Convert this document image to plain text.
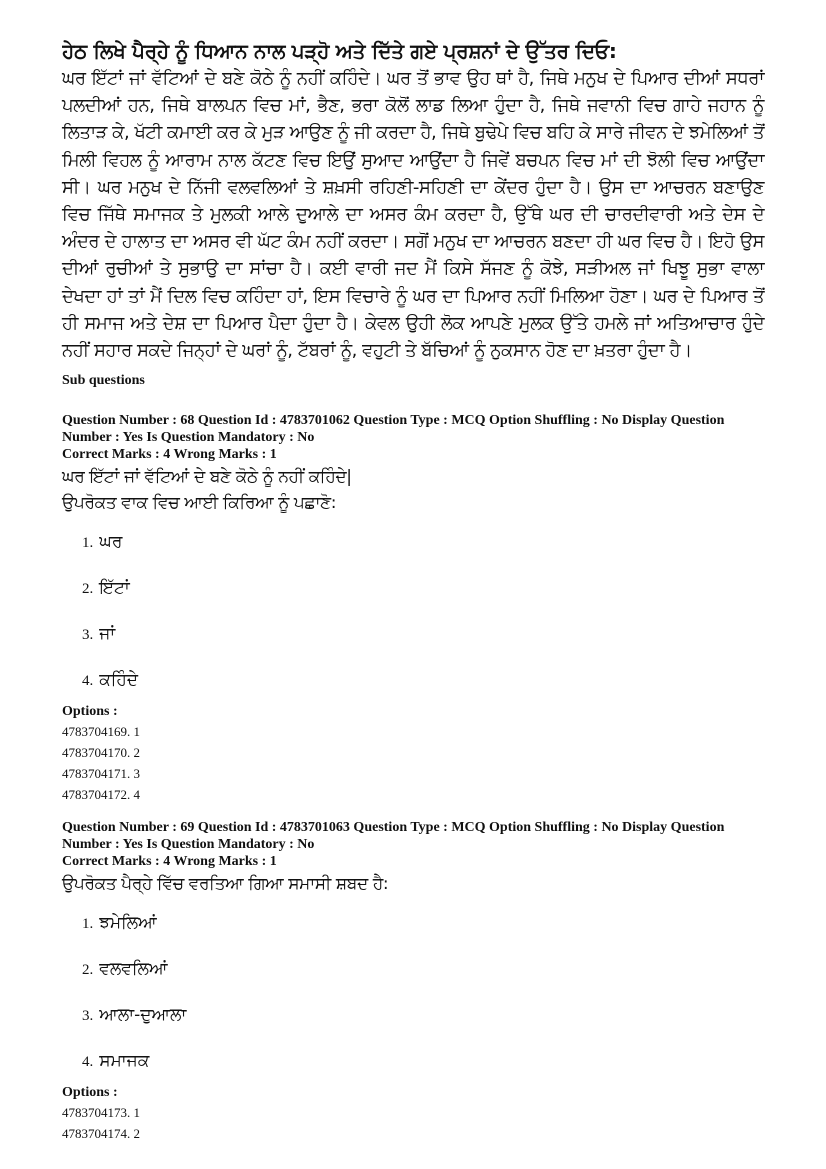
ਹੇਠ ਲਿਖੇ ਪੈਰ੍ਹੇ ਨੂੰ ਧਿਆਨ ਨਾਲ ਪੜ੍ਹੋ ਅਤੇ ਦਿੱਤੇ ਗਏ ਪ੍ਰਸ਼ਨਾਂ ਦੇ ਉੱਤਰ ਦਿਓ:

ਘਰ ਇੱਟਾਂ ਜਾਂ ਵੱਟਿਆਂ ਦੇ ਬਣੇ ਕੋਠੇ ਨੂੰ ਨਹੀਂ ਕਹਿੰਦੇ। ਘਰ ਤੋਂ ਭਾਵ ਉਹ ਥਾਂ ਹੈ, ਜਿਥੇ ਮਨੁਖ ਦੇ ਪਿਆਰ ਦੀਆਂ ਸਧਰਾਂ ਪਲਦੀਆਂ ਹਨ, ਜਿਥੇ ਬਾਲਪਨ ਵਿਚ ਮਾਂ, ਭੈਣ, ਭਰਾ ਕੋਲੋਂ ਲਾਡ ਲਿਆ ਹੁੰਦਾ ਹੈ, ਜਿਥੇ ਜਵਾਨੀ ਵਿਚ ਗਾਹੇ ਜਹਾਨ ਨੂੰ ਲਿਤਾੜ ਕੇ, ਖੱਟੀ ਕਮਾਈ ਕਰ ਕੇ ਮੁੜ ਆਉਣ ਨੂੰ ਜੀ ਕਰਦਾ ਹੈ, ਜਿਥੇ ਬੁਢੇਪੇ ਵਿਚ ਬਹਿ ਕੇ ਸਾਰੇ ਜੀਵਨ ਦੇ ਝਮੇਲਿਆਂ ਤੋਂ ਮਿਲੀ ਵਿਹਲ ਨੂੰ ਆਰਾਮ ਨਾਲ ਕੱਟਣ ਵਿਚ ਇਉਂ ਸੁਆਦ ਆਉਂਦਾ ਹੈ ਜਿਵੇਂ ਬਚਪਨ ਵਿਚ ਮਾਂ ਦੀ ਝੋਲੀ ਵਿਚ ਆਉਂਦਾ ਸੀ। ਘਰ ਮਨੁਖ ਦੇ ਨਿੱਜੀ ਵਲਵਲਿਆਂ ਤੇ ਸ਼ਖ਼ਸੀ ਰਹਿਣੀ-ਸਹਿਣੀ ਦਾ ਕੇਂਦਰ ਹੁੰਦਾ ਹੈ। ਉਸ ਦਾ ਆਚਰਨ ਬਣਾਉਣ ਵਿਚ ਜਿੱਥੇ ਸਮਾਜਕ ਤੇ ਮੁਲਕੀ ਆਲੇ ਦੁਆਲੇ ਦਾ ਅਸਰ ਕੰਮ ਕਰਦਾ ਹੈ, ਉੱਥੇ ਘਰ ਦੀ ਚਾਰਦੀਵਾਰੀ ਅਤੇ ਦੇਸ ਦੇ ਅੰਦਰ ਦੇ ਹਾਲਾਤ ਦਾ ਅਸਰ ਵੀ ਘੱਟ ਕੰਮ ਨਹੀਂ ਕਰਦਾ। ਸਗੋਂ ਮਨੁਖ ਦਾ ਆਚਰਨ ਬਣਦਾ ਹੀ ਘਰ ਵਿਚ ਹੈ। ਇਹੋ ਉਸ ਦੀਆਂ ਰੁਚੀਆਂ ਤੇ ਸੁਭਾਉ ਦਾ ਸਾਂਚਾ ਹੈ। ਕਈ ਵਾਰੀ ਜਦ ਮੈਂ ਕਿਸੇ ਸੱਜਣ ਨੂੰ ਕੋਝੇ, ਸੜੀਅਲ ਜਾਂ ਖਿਝੂ ਸੁਭਾ ਵਾਲਾ ਦੇਖਦਾ ਹਾਂ ਤਾਂ ਮੈਂ ਦਿਲ ਵਿਚ ਕਹਿੰਦਾ ਹਾਂ, ਇਸ ਵਿਚਾਰੇ ਨੂੰ ਘਰ ਦਾ ਪਿਆਰ ਨਹੀਂ ਮਿਲਿਆ ਹੋਣਾ। ਘਰ ਦੇ ਪਿਆਰ ਤੋਂ ਹੀ ਸਮਾਜ ਅਤੇ ਦੇਸ਼ ਦਾ ਪਿਆਰ ਪੈਦਾ ਹੁੰਦਾ ਹੈ। ਕੇਵਲ ਉਹੀ ਲੋਕ ਆਪਣੇ ਮੁਲਕ ਉੱਤੇ ਹਮਲੇ ਜਾਂ ਅਤਿਆਚਾਰ ਹੁੰਦੇ ਨਹੀਂ ਸਹਾਰ ਸਕਦੇ ਜਿਨ੍ਹਾਂ ਦੇ ਘਰਾਂ ਨੂੰ, ਟੱਬਰਾਂ ਨੂੰ, ਵਹੁਟੀ ਤੇ ਬੱਚਿਆਂ ਨੂੰ ਨੁਕਸਾਨ ਹੋਣ ਦਾ ਖ਼ਤਰਾ ਹੁੰਦਾ ਹੈ।

Sub questions
Question Number : 68 Question Id : 4783701062 Question Type : MCQ Option Shuffling : No Display Question
Number : Yes Is Question Mandatory : No
Correct Marks : 4 Wrong Marks : 1
ਘਰ ਇੱਟਾਂ ਜਾਂ ਵੱਟਿਆਂ ਦੇ ਬਣੇ ਕੋਠੇ ਨੂੰ ਨਹੀਂ ਕਹਿੰਦੇ|
ਉਪਰੋਕਤ ਵਾਕ ਵਿਚ ਆਈ ਕਿਰਿਆ ਨੂੰ ਪਛਾਣੋ:
1. ਘਰ
2. ਇੱਟਾਂ
3. ਜਾਂ
4. ਕਹਿੰਦੇ
Options :
4783704169. 1
4783704170. 2
4783704171. 3
4783704172. 4
Question Number : 69 Question Id : 4783701063 Question Type : MCQ Option Shuffling : No Display Question
Number : Yes Is Question Mandatory : No
Correct Marks : 4 Wrong Marks : 1
ਉਪਰੋਕਤ ਪੈਰ੍ਹੇ ਵਿੱਚ ਵਰਤਿਆ ਗਿਆ ਸਮਾਸੀ ਸ਼ਬਦ ਹੈ:
1. ਝਮੇਲਿਆਂ
2. ਵਲਵਲਿਆਂ
3. ਆਲਾ-ਦੁਆਲਾ
4. ਸਮਾਜਕ
Options :
4783704173. 1
4783704174. 2
